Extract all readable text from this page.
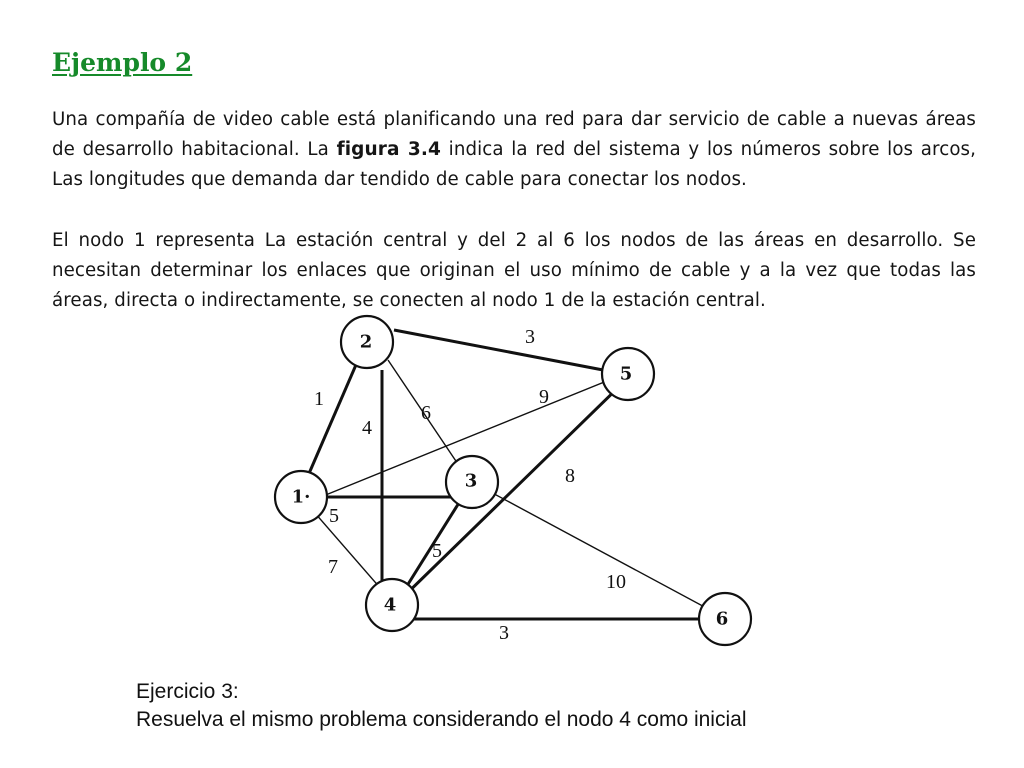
Ejemplo 2

Una compañía de video cable está planificando una red para dar servicio de cable a nuevas áreas de desarrollo habitacional. La figura 3.4 indica la red del sistema y los números sobre los arcos, Las longitudes que demanda dar tendido de cable para conectar los nodos.

El nodo 1 representa La estación central y del 2 al 6 los nodos de las áreas en desarrollo. Se necesitan determinar los enlaces que originan el uso mínimo de cable y a la vez que todas las áreas, directa o indirectamente, se conecten al nodo 1 de la estación central.

1
3
4
6
9
5
7
5
8
10
3
2
5
1·
3
4
6
Ejercicio 3:
Resuelva el mismo problema considerando el nodo 4 como inicial
